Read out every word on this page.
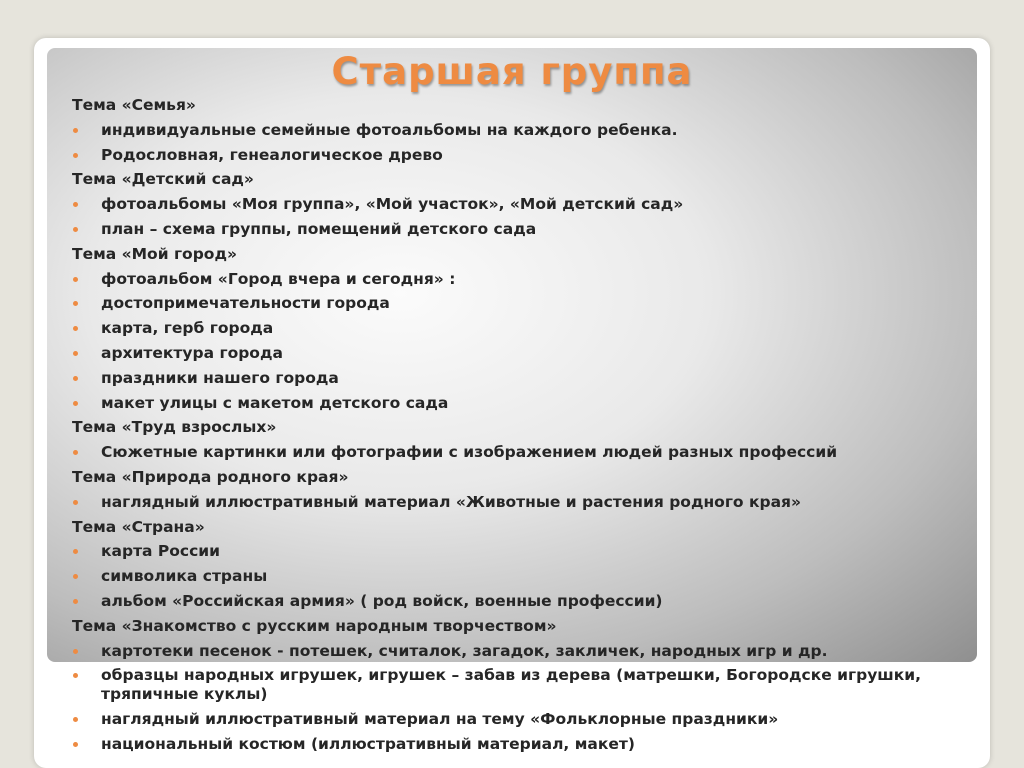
Старшая группа
Тема «Семья»
индивидуальные семейные фотоальбомы на каждого ребенка.
Родословная, генеалогическое древо
Тема «Детский сад»
фотоальбомы «Моя группа», «Мой участок», «Мой детский сад»
план – схема группы, помещений детского сада
Тема «Мой город»
фотоальбом «Город вчера и сегодня» :
достопримечательности города
карта, герб города
архитектура города
праздники нашего города
макет улицы с макетом детского сада
Тема «Труд взрослых»
Сюжетные картинки или фотографии с изображением людей разных профессий
Тема «Природа родного края»
наглядный иллюстративный материал «Животные и растения родного края»
Тема «Страна»
карта России
символика страны
альбом «Российская армия» ( род войск, военные профессии)
Тема «Знакомство с русским народным творчеством»
картотеки песенок - потешек, считалок, загадок, закличек, народных игр и др.
образцы народных игрушек, игрушек – забав из дерева (матрешки, Богородске игрушки, тряпичные куклы)
наглядный иллюстративный материал на тему «Фольклорные праздники»
национальный костюм (иллюстративный материал, макет)
